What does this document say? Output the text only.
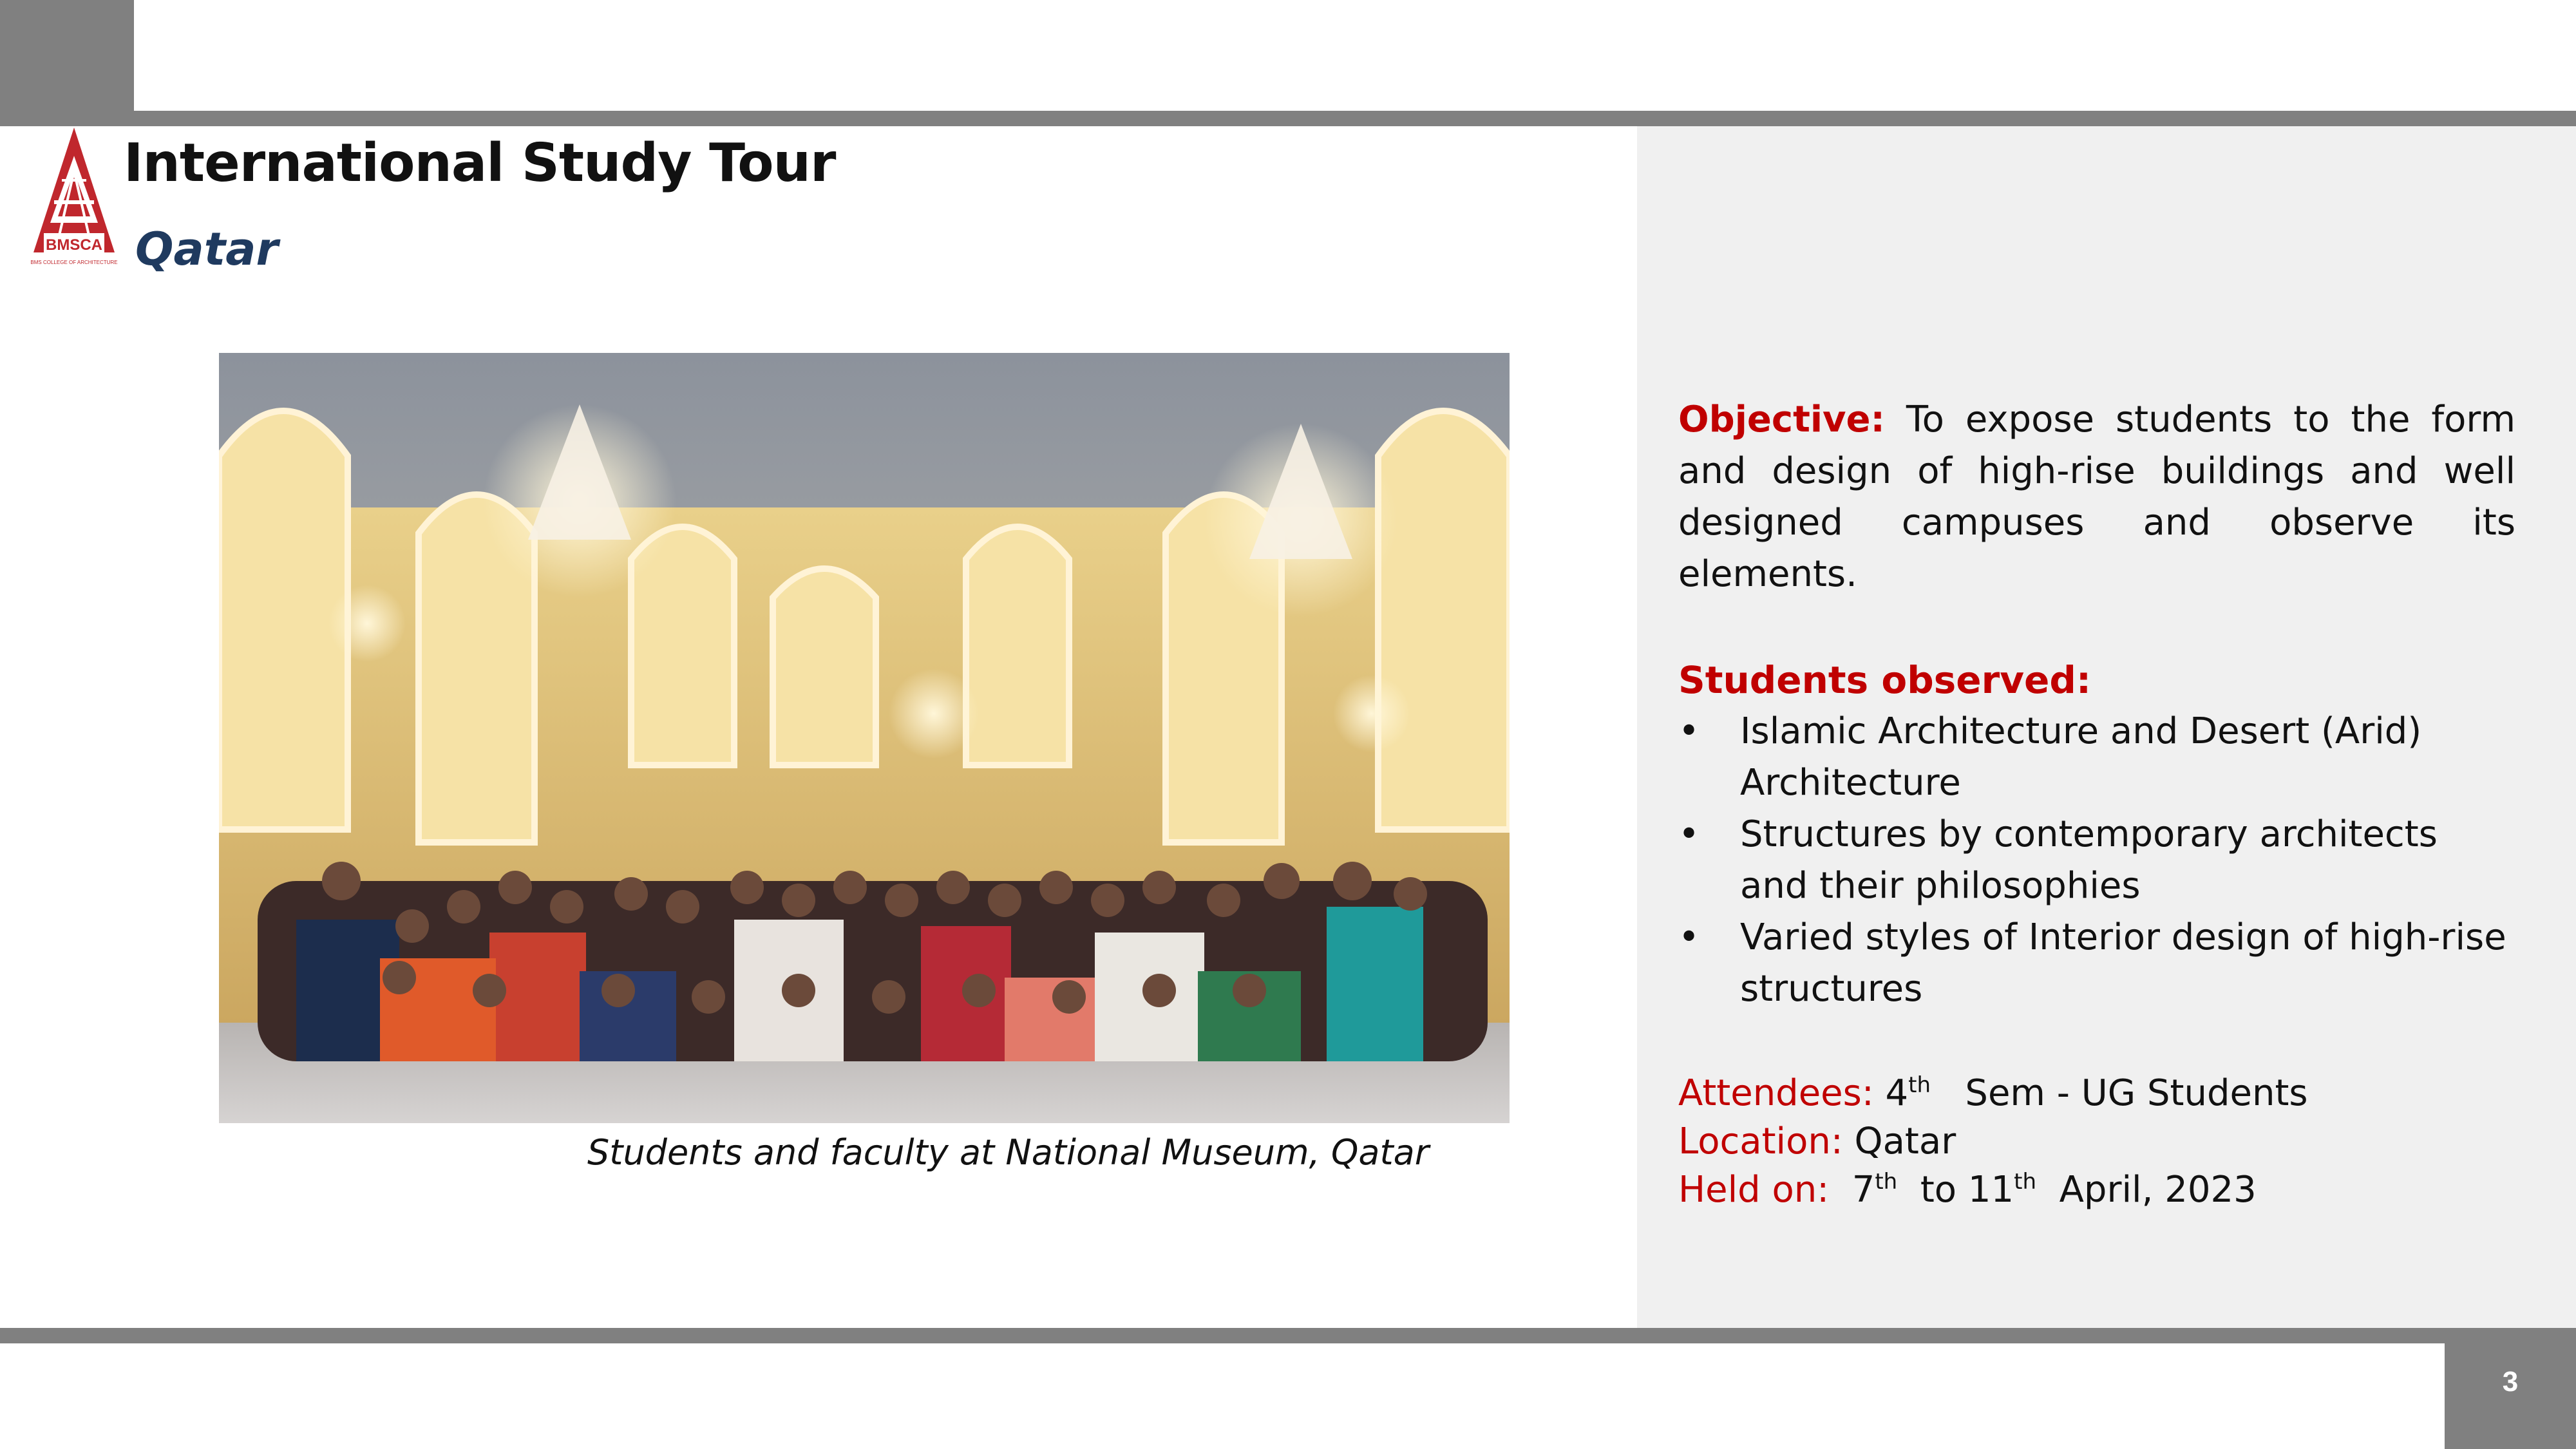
3
BMSCA
BMS COLLEGE OF ARCHITECTURE
International Study Tour
Qatar
Students and faculty at National Museum, Qatar

Objective: To expose students to the form and design of high-rise buildings and well designed campuses and observe its elements.

Students observed:
• Islamic Architecture and Desert (Arid) Architecture
• Structures by contemporary architects and their philosophies
• Varied styles of Interior design of high-rise structures
Attendees: 4th   Sem - UG Students
Location: Qatar
Held on: 7th  to 11th  April, 2023
